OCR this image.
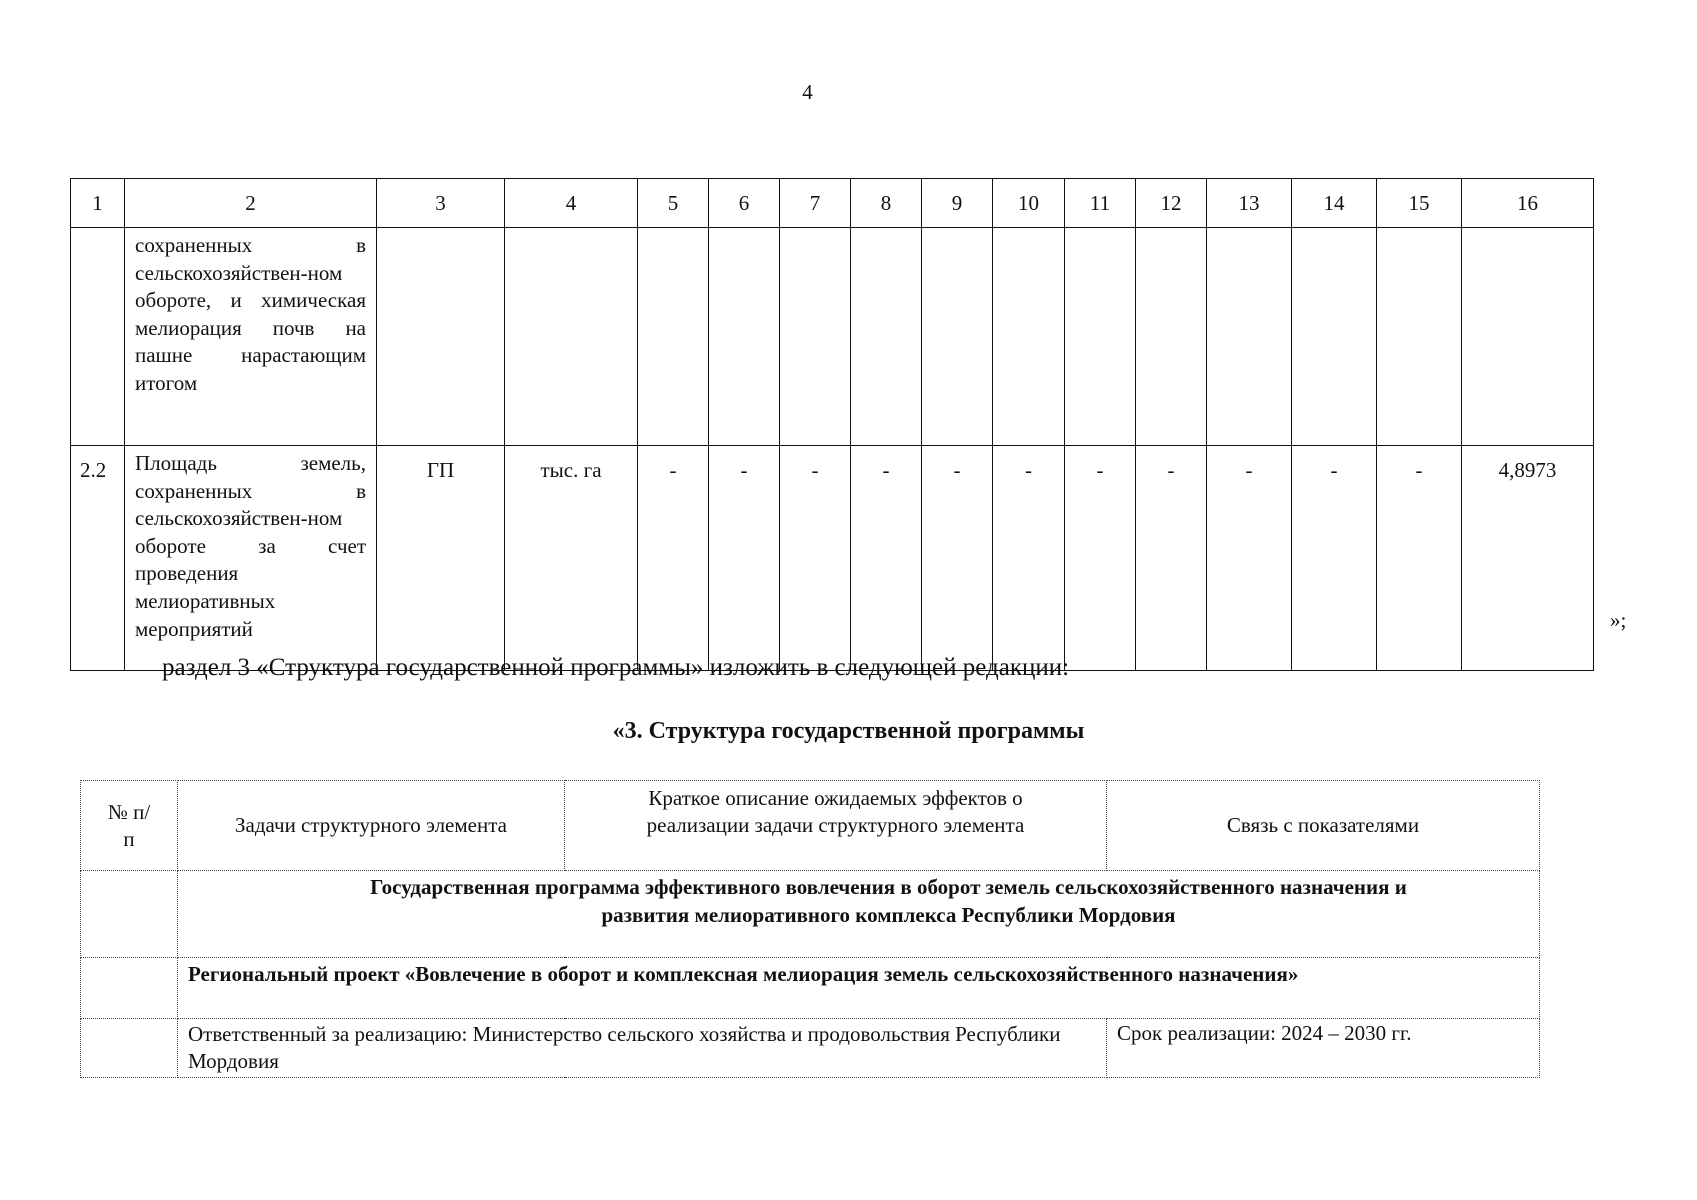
4
1	2	3	4	5	6	7	8	9	10	11	12	13	14	15	16
	сохраненных в сельскохозяйствен-ном обороте, и химическая мелиорация почв на пашне нарастающим итогом														
2.2	Площадь земель, сохраненных в сельскохозяйствен-ном обороте за счет проведения мелиоративных мероприятий	ГП	тыс. га	-	-	-	-	-	-	-	-	-	-	-	4,8973
»;
раздел 3 «Структура государственной программы» изложить в следующей редакции:
«3. Структура государственной программы
№ п/п	Задачи структурного элемента	Краткое описание ожидаемых эффектов о реализации задачи структурного элемента	Связь с показателями
	Государственная программа эффективного вовлечения в оборот земель сельскохозяйственного назначения и развития мелиоративного комплекса Республики Мордовия		
	Региональный проект «Вовлечение в оборот и комплексная мелиорация земель сельскохозяйственного назначения»		
	Ответственный за реализацию: Министерство сельского хозяйства и продовольствия Республики Мордовия		Срок реализации: 2024 – 2030 гг.
